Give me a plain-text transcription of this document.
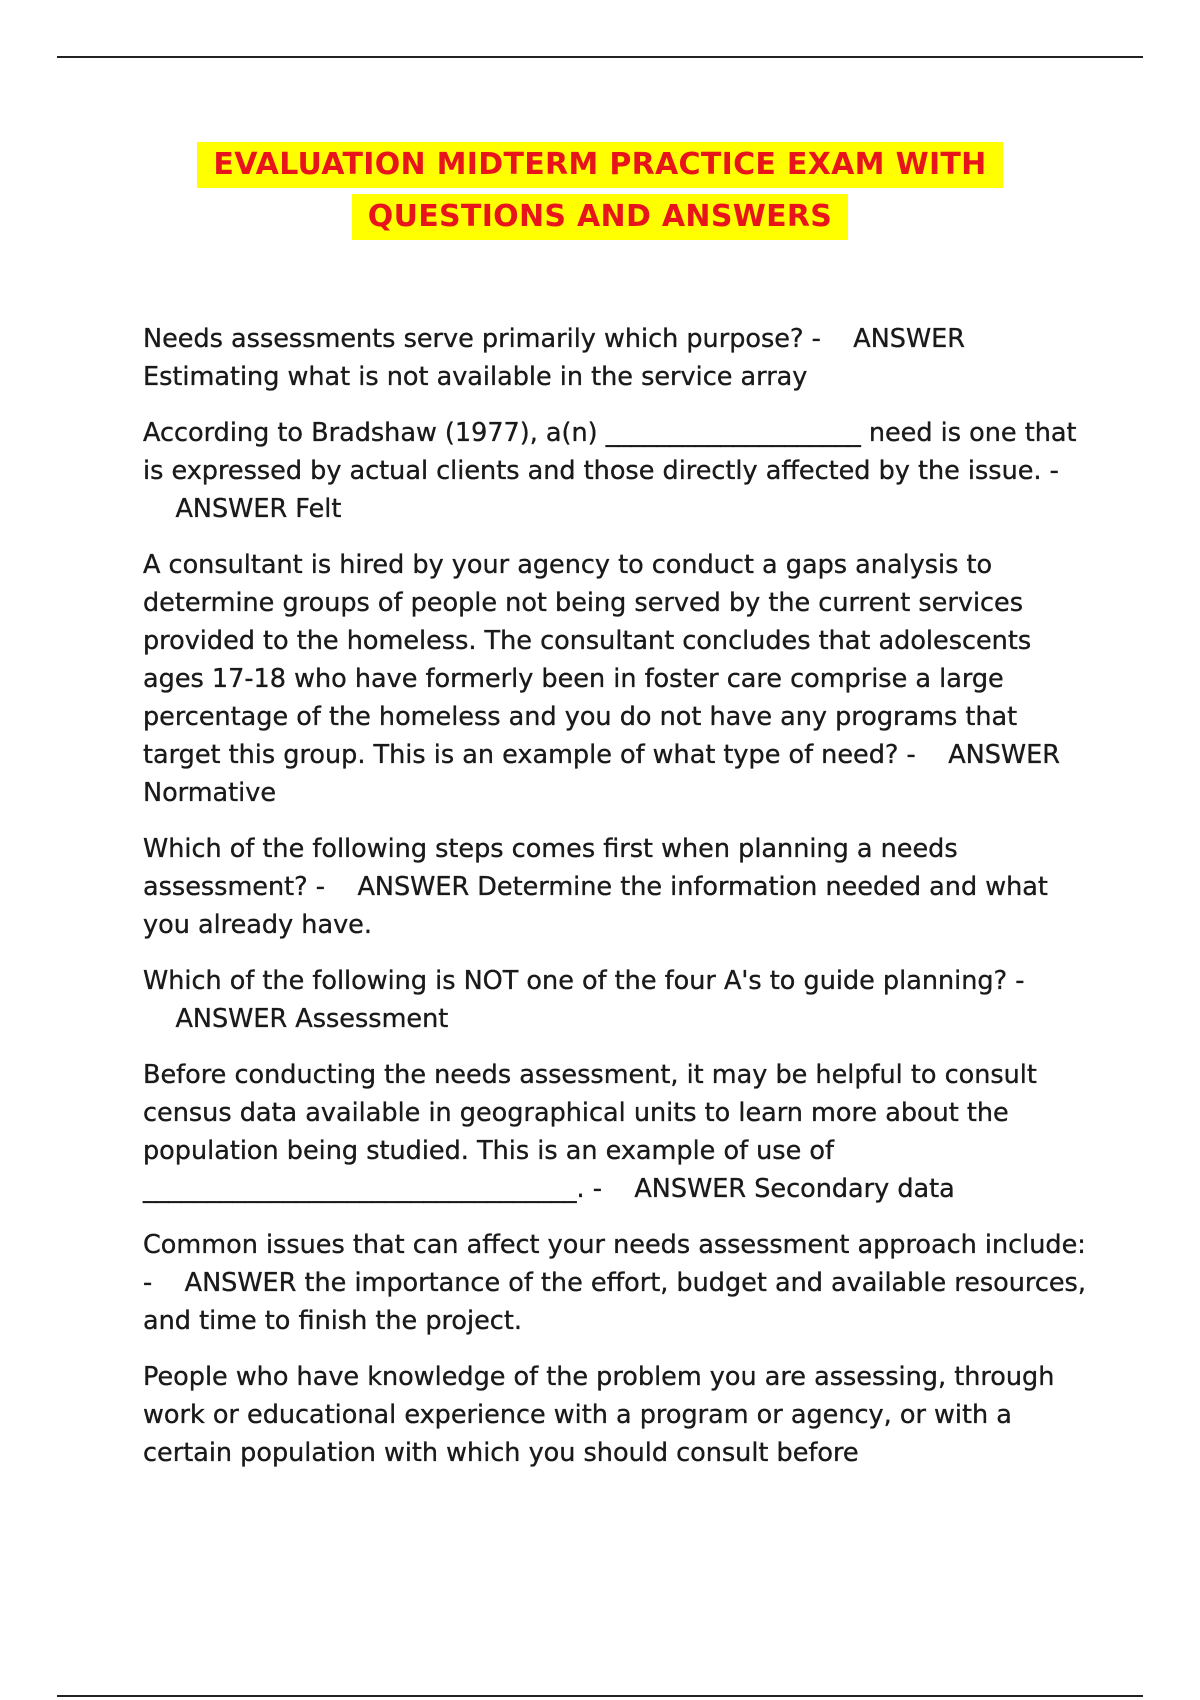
EVALUATION MIDTERM PRACTICE EXAM WITH
QUESTIONS AND ANSWERS

Needs assessments serve primarily which purpose? - ANSWER Estimating what is not available in the service array

According to Bradshaw (1977), a(n) ____________________ need is one that is expressed by actual clients and those directly affected by the issue. -    ANSWER Felt

A consultant is hired by your agency to conduct a gaps analysis to determine groups of people not being served by the current services provided to the homeless. The consultant concludes that adolescents ages 17-18 who have formerly been in foster care comprise a large percentage of the homeless and you do not have any programs that target this group. This is an example of what type of need? - ANSWER Normative

Which of the following steps comes first when planning a needs assessment? - ANSWER Determine the information needed and what you already have.

Which of the following is NOT one of the four A's to guide planning? -    ANSWER Assessment

Before conducting the needs assessment, it may be helpful to consult census data available in geographical units to learn more about the population being studied. This is an example of use of __________________________________. - ANSWER Secondary data

Common issues that can affect your needs assessment approach include: - ANSWER the importance of the effort, budget and available resources, and time to finish the project.

People who have knowledge of the problem you are assessing, through work or educational experience with a program or agency, or with a certain population with which you should consult before
